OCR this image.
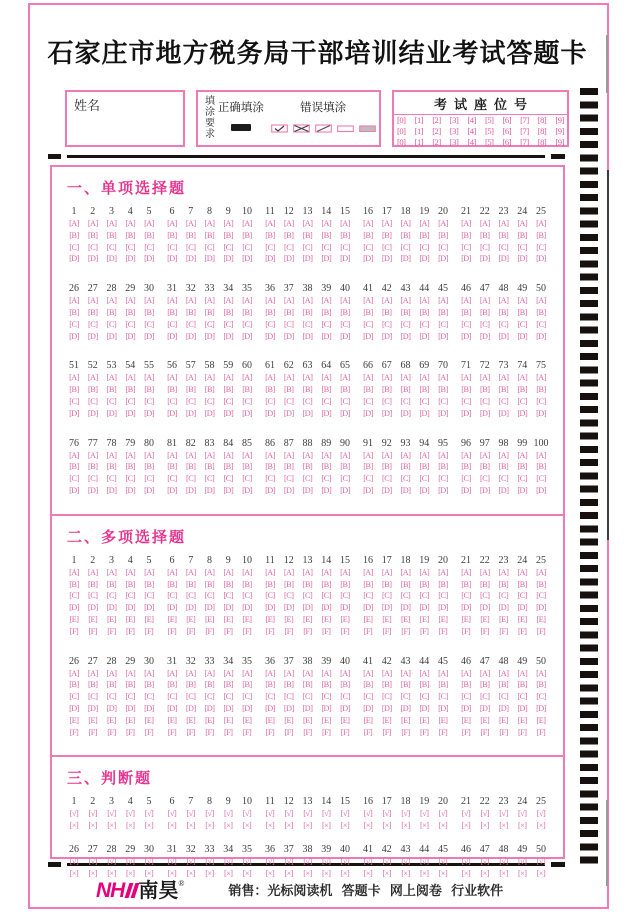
石家庄市地方税务局干部培训结业考试答题卡
姓名	填涂要求 正确填涂	错误填涂	考试座位号
[0] [1] [2] [3] [4] [5] [6] [7] [8] [9]
[0] [1] [2] [3] [4] [5] [6] [7] [8] [9]
[0] [1] [2] [3] [4] [5] [6] [7] [8] [9]
一、单项选择题
1
[A]
[B]
[C]
[D]
2
[A]
[B]
[C]
[D]
3
[A]
[B]
[C]
[D]
4
[A]
[B]
[C]
[D]
5
[A]
[B]
[C]
[D]
6
[A]
[B]
[C]
[D]
7
[A]
[B]
[C]
[D]
8
[A]
[B]
[C]
[D]
9
[A]
[B]
[C]
[D]
10
[A]
[B]
[C]
[D]
11
[A]
[B]
[C]
[D]
12
[A]
[B]
[C]
[D]
13
[A]
[B]
[C]
[D]
14
[A]
[B]
[C]
[D]
15
[A]
[B]
[C]
[D]
16
[A]
[B]
[C]
[D]
17
[A]
[B]
[C]
[D]
18
[A]
[B]
[C]
[D]
19
[A]
[B]
[C]
[D]
20
[A]
[B]
[C]
[D]
21
[A]
[B]
[C]
[D]
22
[A]
[B]
[C]
[D]
23
[A]
[B]
[C]
[D]
24
[A]
[B]
[C]
[D]
25
[A]
[B]
[C]
[D]
26
[A]
[B]
[C]
[D]
27
[A]
[B]
[C]
[D]
28
[A]
[B]
[C]
[D]
29
[A]
[B]
[C]
[D]
30
[A]
[B]
[C]
[D]
31
[A]
[B]
[C]
[D]
32
[A]
[B]
[C]
[D]
33
[A]
[B]
[C]
[D]
34
[A]
[B]
[C]
[D]
35
[A]
[B]
[C]
[D]
36
[A]
[B]
[C]
[D]
37
[A]
[B]
[C]
[D]
38
[A]
[B]
[C]
[D]
39
[A]
[B]
[C]
[D]
40
[A]
[B]
[C]
[D]
41
[A]
[B]
[C]
[D]
42
[A]
[B]
[C]
[D]
43
[A]
[B]
[C]
[D]
44
[A]
[B]
[C]
[D]
45
[A]
[B]
[C]
[D]
46
[A]
[B]
[C]
[D]
47
[A]
[B]
[C]
[D]
48
[A]
[B]
[C]
[D]
49
[A]
[B]
[C]
[D]
50
[A]
[B]
[C]
[D]
51
[A]
[B]
[C]
[D]
52
[A]
[B]
[C]
[D]
53
[A]
[B]
[C]
[D]
54
[A]
[B]
[C]
[D]
55
[A]
[B]
[C]
[D]
56
[A]
[B]
[C]
[D]
57
[A]
[B]
[C]
[D]
58
[A]
[B]
[C]
[D]
59
[A]
[B]
[C]
[D]
60
[A]
[B]
[C]
[D]
61
[A]
[B]
[C]
[D]
62
[A]
[B]
[C]
[D]
63
[A]
[B]
[C]
[D]
64
[A]
[B]
[C]
[D]
65
[A]
[B]
[C]
[D]
66
[A]
[B]
[C]
[D]
67
[A]
[B]
[C]
[D]
68
[A]
[B]
[C]
[D]
69
[A]
[B]
[C]
[D]
70
[A]
[B]
[C]
[D]
71
[A]
[B]
[C]
[D]
72
[A]
[B]
[C]
[D]
73
[A]
[B]
[C]
[D]
74
[A]
[B]
[C]
[D]
75
[A]
[B]
[C]
[D]
76
[A]
[B]
[C]
[D]
77
[A]
[B]
[C]
[D]
78
[A]
[B]
[C]
[D]
79
[A]
[B]
[C]
[D]
80
[A]
[B]
[C]
[D]
81
[A]
[B]
[C]
[D]
82
[A]
[B]
[C]
[D]
83
[A]
[B]
[C]
[D]
84
[A]
[B]
[C]
[D]
85
[A]
[B]
[C]
[D]
86
[A]
[B]
[C]
[D]
87
[A]
[B]
[C]
[D]
88
[A]
[B]
[C]
[D]
89
[A]
[B]
[C]
[D]
90
[A]
[B]
[C]
[D]
91
[A]
[B]
[C]
[D]
92
[A]
[B]
[C]
[D]
93
[A]
[B]
[C]
[D]
94
[A]
[B]
[C]
[D]
95
[A]
[B]
[C]
[D]
96
[A]
[B]
[C]
[D]
97
[A]
[B]
[C]
[D]
98
[A]
[B]
[C]
[D]
99
[A]
[B]
[C]
[D]
100
[A]
[B]
[C]
[D]
二、多项选择题
1
[A]
[B]
[C]
[D]
[E]
[F]
2
[A]
[B]
[C]
[D]
[E]
[F]
3
[A]
[B]
[C]
[D]
[E]
[F]
4
[A]
[B]
[C]
[D]
[E]
[F]
5
[A]
[B]
[C]
[D]
[E]
[F]
6
[A]
[B]
[C]
[D]
[E]
[F]
7
[A]
[B]
[C]
[D]
[E]
[F]
8
[A]
[B]
[C]
[D]
[E]
[F]
9
[A]
[B]
[C]
[D]
[E]
[F]
10
[A]
[B]
[C]
[D]
[E]
[F]
11
[A]
[B]
[C]
[D]
[E]
[F]
12
[A]
[B]
[C]
[D]
[E]
[F]
13
[A]
[B]
[C]
[D]
[E]
[F]
14
[A]
[B]
[C]
[D]
[E]
[F]
15
[A]
[B]
[C]
[D]
[E]
[F]
16
[A]
[B]
[C]
[D]
[E]
[F]
17
[A]
[B]
[C]
[D]
[E]
[F]
18
[A]
[B]
[C]
[D]
[E]
[F]
19
[A]
[B]
[C]
[D]
[E]
[F]
20
[A]
[B]
[C]
[D]
[E]
[F]
21
[A]
[B]
[C]
[D]
[E]
[F]
22
[A]
[B]
[C]
[D]
[E]
[F]
23
[A]
[B]
[C]
[D]
[E]
[F]
24
[A]
[B]
[C]
[D]
[E]
[F]
25
[A]
[B]
[C]
[D]
[E]
[F]
26
[A]
[B]
[C]
[D]
[E]
[F]
27
[A]
[B]
[C]
[D]
[E]
[F]
28
[A]
[B]
[C]
[D]
[E]
[F]
29
[A]
[B]
[C]
[D]
[E]
[F]
30
[A]
[B]
[C]
[D]
[E]
[F]
31
[A]
[B]
[C]
[D]
[E]
[F]
32
[A]
[B]
[C]
[D]
[E]
[F]
33
[A]
[B]
[C]
[D]
[E]
[F]
34
[A]
[B]
[C]
[D]
[E]
[F]
35
[A]
[B]
[C]
[D]
[E]
[F]
36
[A]
[B]
[C]
[D]
[E]
[F]
37
[A]
[B]
[C]
[D]
[E]
[F]
38
[A]
[B]
[C]
[D]
[E]
[F]
39
[A]
[B]
[C]
[D]
[E]
[F]
40
[A]
[B]
[C]
[D]
[E]
[F]
41
[A]
[B]
[C]
[D]
[E]
[F]
42
[A]
[B]
[C]
[D]
[E]
[F]
43
[A]
[B]
[C]
[D]
[E]
[F]
44
[A]
[B]
[C]
[D]
[E]
[F]
45
[A]
[B]
[C]
[D]
[E]
[F]
46
[A]
[B]
[C]
[D]
[E]
[F]
47
[A]
[B]
[C]
[D]
[E]
[F]
48
[A]
[B]
[C]
[D]
[E]
[F]
49
[A]
[B]
[C]
[D]
[E]
[F]
50
[A]
[B]
[C]
[D]
[E]
[F]
三、判断题
1
[√]
[×]
2
[√]
[×]
3
[√]
[×]
4
[√]
[×]
5
[√]
[×]
6
[√]
[×]
7
[√]
[×]
8
[√]
[×]
9
[√]
[×]
10
[√]
[×]
11
[√]
[×]
12
[√]
[×]
13
[√]
[×]
14
[√]
[×]
15
[√]
[×]
16
[√]
[×]
17
[√]
[×]
18
[√]
[×]
19
[√]
[×]
20
[√]
[×]
21
[√]
[×]
22
[√]
[×]
23
[√]
[×]
24
[√]
[×]
25
[√]
[×]
26
[√]
[×]
27
[√]
[×]
28
[√]
[×]
29
[√]
[×]
30
[√]
[×]
31
[√]
[×]
32
[√]
[×]
33
[√]
[×]
34
[√]
[×]
35
[√]
[×]
36
[√]
[×]
37
[√]
[×]
38
[√]
[×]
39
[√]
[×]
40
[√]
[×]
41
[√]
[×]
42
[√]
[×]
43
[√]
[×]
44
[√]
[×]
45
[√]
[×]
46
[√]
[×]
47
[√]
[×]
48
[√]
[×]
49
[√]
[×]
50
[√]
[×]
NH 南昊 ®	销售：光标阅读机 答题卡 网上阅卷 行业软件
